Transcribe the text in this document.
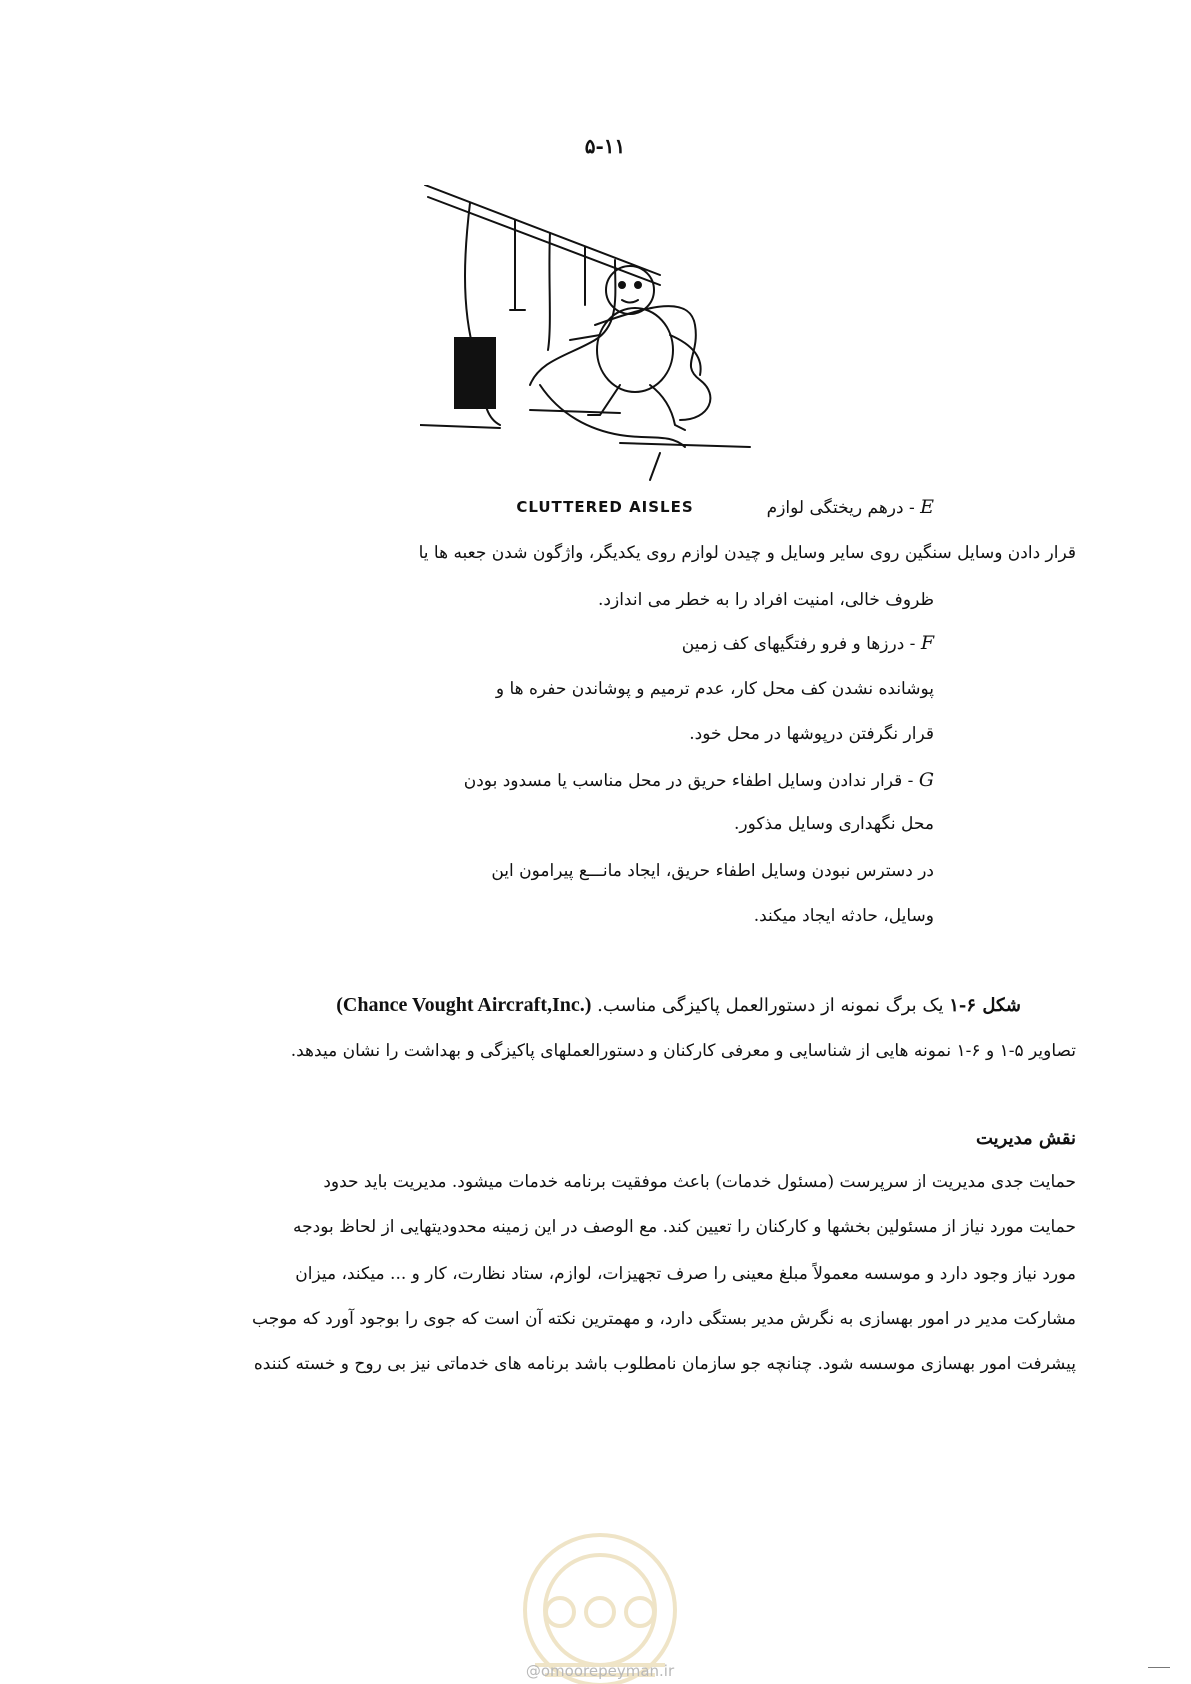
۵-۱۱
CLUTTERED AISLES	E - درهم ریختگی لوازم
قرار دادن وسایل سنگین روی سایر وسایل و چیدن لوازم روی یکدیگر، واژگون شدن جعبه ها یا
ظروف خالی، امنیت افراد را به خطر می اندازد.
F - درزها و فرو رفتگیهای کف زمین
پوشانده نشدن کف محل کار، عدم ترمیم و پوشاندن حفره ها و
قرار نگرفتن درپوشها در محل خود.
G - قرار ندادن وسایل اطفاء حریق در محل مناسب یا مسدود بودن
محل نگهداری وسایل مذکور.
در دسترس نبودن وسایل اطفاء حریق، ایجاد مانـــع پیرامون این
وسایل، حادثه ایجاد میکند.
شکل ۶-۱ یک برگ نمونه از دستورالعمل پاکیزگی مناسب. (Chance Vought Aircraft,Inc.)
تصاویر ۵-۱ و ۶-۱ نمونه هایی از شناسایی و معرفی کارکنان و دستورالعملهای پاکیزگی و بهداشت را نشان میدهد.
نقش مدیریت
حمایت جدی مدیریت از سرپرست (مسئول خدمات) باعث موفقیت برنامه خدمات میشود. مدیریت باید حدود
حمایت مورد نیاز از مسئولین بخشها و کارکنان را تعیین کند. مع الوصف در این زمینه محدودیتهایی از لحاظ بودجه
مورد نیاز وجود دارد و موسسه معمولاً مبلغ معینی را صرف تجهیزات، لوازم، ستاد نظارت، کار و ... میکند، میزان
مشارکت مدیر در امور بهسازی به نگرش مدیر بستگی دارد، و مهمترین نکته آن است که جوی را بوجود آورد که موجب
پیشرفت امور بهسازی موسسه شود. چنانچه جو سازمان نامطلوب باشد برنامه های خدماتی نیز بی روح و خسته کننده
@omoorepeyman.ir
